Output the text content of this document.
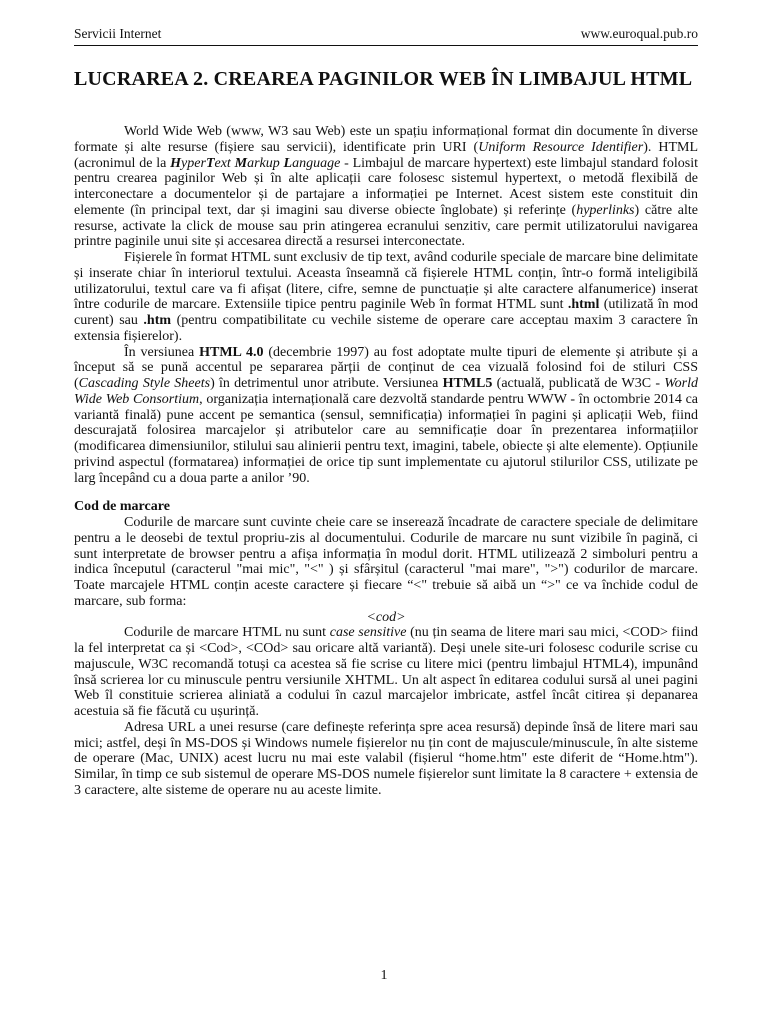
Servicii Internet	www.euroqual.pub.ro
LUCRAREA 2. CREAREA PAGINILOR WEB ÎN LIMBAJUL HTML

World Wide Web (www, W3 sau Web) este un spațiu informațional format din documente în diverse formate și alte resurse (fișiere sau servicii), identificate prin URI (Uniform Resource Identifier). HTML (acronimul de la HyperText Markup Language - Limbajul de marcare hypertext) este limbajul standard folosit pentru crearea paginilor Web și în alte aplicații care folosesc sistemul hypertext, o metodă flexibilă de interconectare a documentelor și de partajare a informației pe Internet. Acest sistem este constituit din elemente (în principal text, dar și imagini sau diverse obiecte înglobate) și referințe (hyperlinks) către alte resurse, activate la click de mouse sau prin atingerea ecranului senzitiv, care permit utilizatorului navigarea printre paginile unui site și accesarea directă a resursei interconectate.

Fișierele în format HTML sunt exclusiv de tip text, având codurile speciale de marcare bine delimitate și inserate chiar în interiorul textului. Aceasta înseamnă că fișierele HTML conțin, într-o formă inteligibilă utilizatorului, textul care va fi afișat (litere, cifre, semne de punctuație și alte caractere alfanumerice) inserat între codurile de marcare. Extensiile tipice pentru paginile Web în format HTML sunt .html (utilizată în mod curent) sau .htm (pentru compatibilitate cu vechile sisteme de operare care acceptau maxim 3 caractere în extensia fișierelor).

În versiunea HTML 4.0 (decembrie 1997) au fost adoptate multe tipuri de elemente și atribute și a început să se pună accentul pe separarea părții de conținut de cea vizuală folosind foi de stiluri CSS (Cascading Style Sheets) în detrimentul unor atribute. Versiunea HTML5 (actuală, publicată de W3C - World Wide Web Consortium, organizația internațională care dezvoltă standarde pentru WWW - în octombrie 2014 ca variantă finală) pune accent pe semantica (sensul, semnificația) informației în pagini și aplicații Web, fiind descurajată folosirea marcajelor și atributelor care au semnificație doar în prezentarea informațiilor (modificarea dimensiunilor, stilului sau alinierii pentru text, imagini, tabele, obiecte și alte elemente). Opțiunile privind aspectul (formatarea) informației de orice tip sunt implementate cu ajutorul stilurilor CSS, utilizate pe larg începând cu a doua parte a anilor ’90.

Cod de marcare

Codurile de marcare sunt cuvinte cheie care se inserează încadrate de caractere speciale de delimitare pentru a le deosebi de textul propriu-zis al documentului. Codurile de marcare nu sunt vizibile în pagină, ci sunt interpretate de browser pentru a afișa informația în modul dorit. HTML utilizează 2 simboluri pentru a indica începutul (caracterul "mai mic", "<" ) și sfârșitul (caracterul "mai mare", ">") codurilor de marcare. Toate marcajele HTML conțin aceste caractere și fiecare “<" trebuie să aibă un “>" ce va închide codul de marcare, sub forma:

<cod>

Codurile de marcare HTML nu sunt case sensitive (nu țin seama de litere mari sau mici, <COD> fiind la fel interpretat ca și <Cod>, <COd> sau oricare altă variantă). Deși unele site-uri folosesc codurile scrise cu majuscule, W3C recomandă totuși ca acestea să fie scrise cu litere mici (pentru limbajul HTML4), impunând însă scrierea lor cu minuscule pentru versiunile XHTML. Un alt aspect în editarea codului sursă al unei pagini Web îl constituie scrierea aliniată a codului în cazul marcajelor imbricate, astfel încât citirea și depanarea acestuia să fie făcută cu ușurință.

Adresa URL a unei resurse (care definește referința spre acea resursă) depinde însă de litere mari sau mici; astfel, deși în MS-DOS și Windows numele fișierelor nu țin cont de majuscule/minuscule, în alte sisteme de operare (Mac, UNIX) acest lucru nu mai este valabil (fișierul “home.htm" este diferit de “Home.htm"). Similar, în timp ce sub sistemul de operare MS-DOS numele fișierelor sunt limitate la 8 caractere + extensia de 3 caractere, alte sisteme de operare nu au aceste limite.

1
